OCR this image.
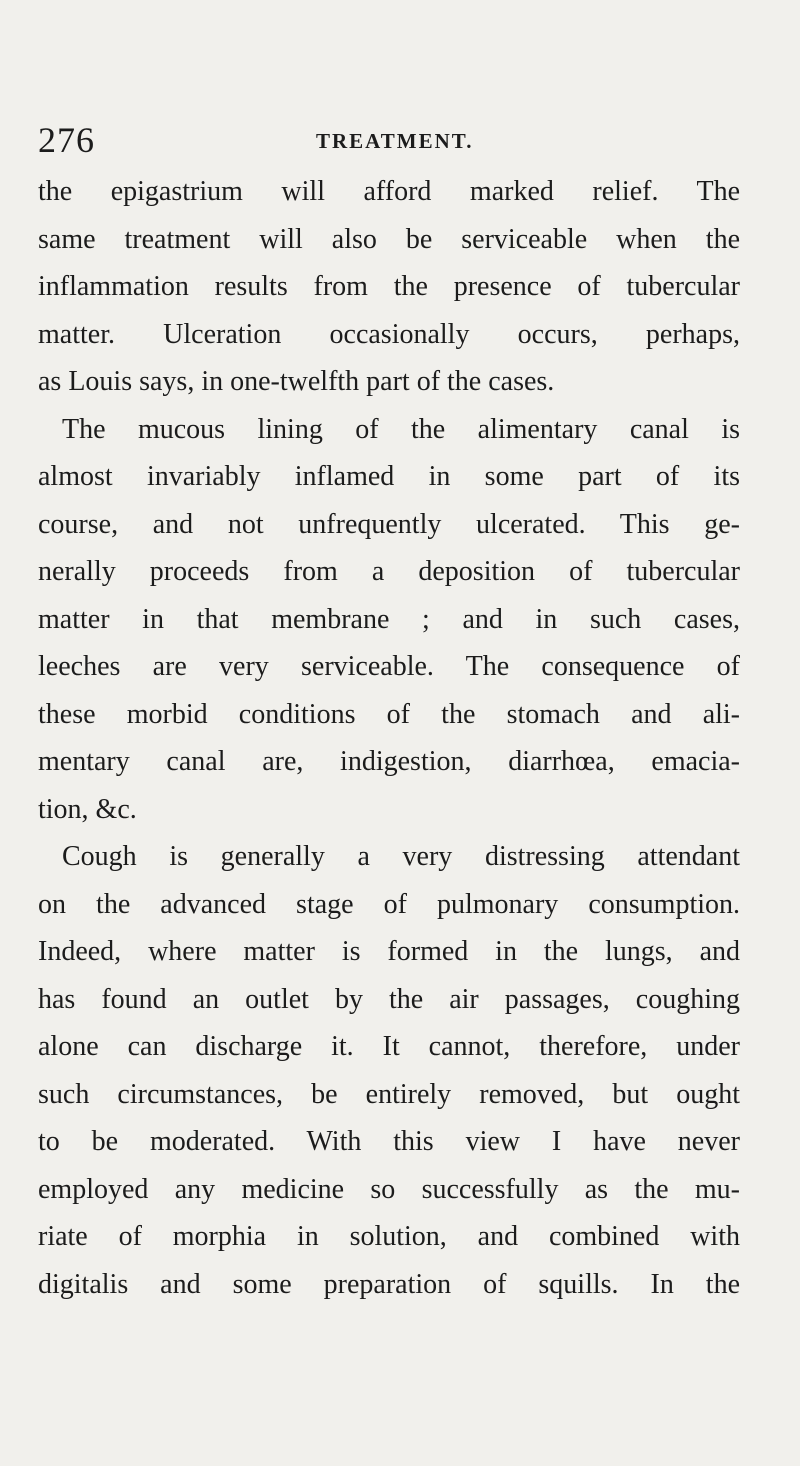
276	TREATMENT.
the epigastrium will afford marked relief. The
same treatment will also be serviceable when the
inflammation results from the presence of tubercular
matter. Ulceration occasionally occurs, perhaps,
as Louis says, in one-twelfth part of the cases.
The mucous lining of the alimentary canal is
almost invariably inflamed in some part of its
course, and not unfrequently ulcerated. This ge-
nerally proceeds from a deposition of tubercular
matter in that membrane ; and in such cases,
leeches are very serviceable. The consequence of
these morbid conditions of the stomach and ali-
mentary canal are, indigestion, diarrhœa, emacia-
tion, &c.
Cough is generally a very distressing attendant
on the advanced stage of pulmonary consumption.
Indeed, where matter is formed in the lungs, and
has found an outlet by the air passages, coughing
alone can discharge it. It cannot, therefore, under
such circumstances, be entirely removed, but ought
to be moderated. With this view I have never
employed any medicine so successfully as the mu-
riate of morphia in solution, and combined with
digitalis and some preparation of squills. In the
